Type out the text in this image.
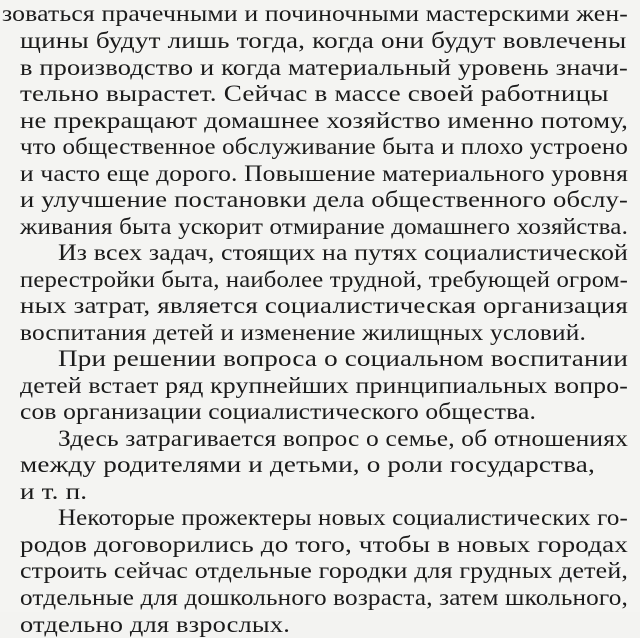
зоваться прачечными и починочными мастерскими жен-
щины будут лишь тогда, когда они будут вовлечены
в производство и когда материальный уровень значи-
тельно вырастет. Сейчас в массе своей работницы
не прекращают домашнее хозяйство именно потому,
что общественное обслуживание быта и плохо устроено
и часто еще дорого. Повышение материального уровня
и улучшение постановки дела общественного обслу-
живания быта ускорит отмирание домашнего хозяйства.
Из всех задач, стоящих на путях социалистической
перестройки быта, наиболее трудной, требующей огром-
ных затрат, является социалистическая организация
воспитания детей и изменение жилищных условий.
При решении вопроса о социальном воспитании
детей встает ряд крупнейших принципиальных вопро-
сов организации социалистического общества.
Здесь затрагивается вопрос о семье, об отношениях
между родителями и детьми, о роли государства,
и т. п.
Некоторые прожектеры новых социалистических го-
родов договорились до того, чтобы в новых городах
строить сейчас отдельные городки для грудных детей,
отдельные для дошкольного возраста, затем школьного,
отдельно для взрослых.
